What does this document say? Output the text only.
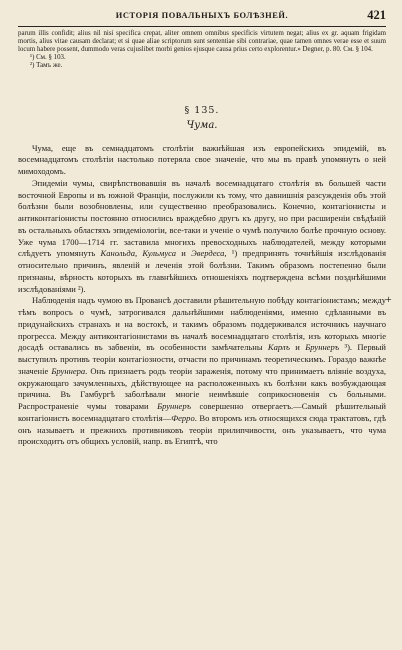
ИСТОРІЯ ПОВАЛЬНЫХЪ БОЛѢЗНЕЙ.	421

parum illis confidit; alius nil nisi specifica crepat, aliter omnem omnibus specificis virtutem negat; alius ex gr. aquam frigidam mortis, alius vitae causam declarat; et si quae aliae scriptorum sunt sententiae sibi contrariae, quae tamen omnes verae esse et suum locum habere possent, dummodo veras cujuslibet morbi genios ejusque causa prius certo explorentur.» Degner, p. 80. См. § 104.

¹) См. § 103.
²) Тамъ же.
§ 135.
Чума.

Чума, еще въ семнадцатомъ столѣтіи важнѣйшая изъ европейскихъ эпидемій, въ восемнадцатомъ столѣтіи настолько потеряла свое значеніе, что мы въ правѣ упомянуть о ней мимоходомъ.

Эпидеміи чумы, свирѣпствовавшія въ началѣ восемнадцатаго столѣтія въ большей части восточной Европы и въ южной Франціи, послужили къ тому, что давнишнія разсужденія объ этой болѣзни были возобновлены, или существенно преобразовались. Конечно, контагіонисты и антиконтагіонисты постоянно относились враждебно другъ къ другу, но при расширеніи свѣдѣній въ остальныхъ областяхъ эпидеміологіи, все-таки и ученіе о чумѣ получило болѣе прочную основу. Уже чума 1700—1714 гг. заставила многихъ превосходныхъ наблюдателей, между которыми слѣдуетъ упомянуть Канольда, Кульмуса и Эвердеса, ¹) предпринять точнѣйшія изслѣдованія относительно причинъ, явленій и леченія этой болѣзни. Такимъ образомъ постепенно были признаны, вѣрность которыхъ въ главнѣйшихъ отношеніяхъ подтверждена всѣми позднѣйшими изслѣдованіями ²).

Наблюденія надъ чумою въ Провансѣ доставили рѣшительную побѣду контагіонистамъ; между тѣмъ вопросъ о чумѣ, затрогивался дальнѣйшими наблюденіями, именно сдѣланными въ придунайскихъ странахъ и на востокѣ, и такимъ образомъ поддерживался источникъ научнаго прогресса. Между антиконтагіонистами въ началѣ восемнадцатаго столѣтія, изъ которыхъ многіе досадѣ оставались въ забвеніи, въ особенности замѣчательны Карлъ и Бруннеръ ³). Первый выступилъ противъ теоріи контагіозности, отчасти по причинамъ теоретическимъ. Гораздо важнѣе значеніе Бруннера. Онъ признаетъ родъ теоріи зараженія, потому что принимаетъ вліяніе воздуха, окружающаго зачумленныхъ, дѣйствующее на расположенныхъ къ болѣзни какъ возбуждающая причина. Въ Гамбургѣ заболѣвали многіе неимѣвшіе соприкосновенія съ больными. Распространеніе чумы товарами Бруннеръ совершенно отвергаетъ.—Самый рѣшительный контагіонистъ восемнадцатаго столѣтія—Ферро. Во второмъ изъ относящихся сюда трактатовъ, гдѣ онъ называетъ и прежнихъ противниковъ теоріи прилипчивости, онъ указываетъ, что чума происходитъ отъ общихъ условій, напр. въ Египтѣ, что

+
